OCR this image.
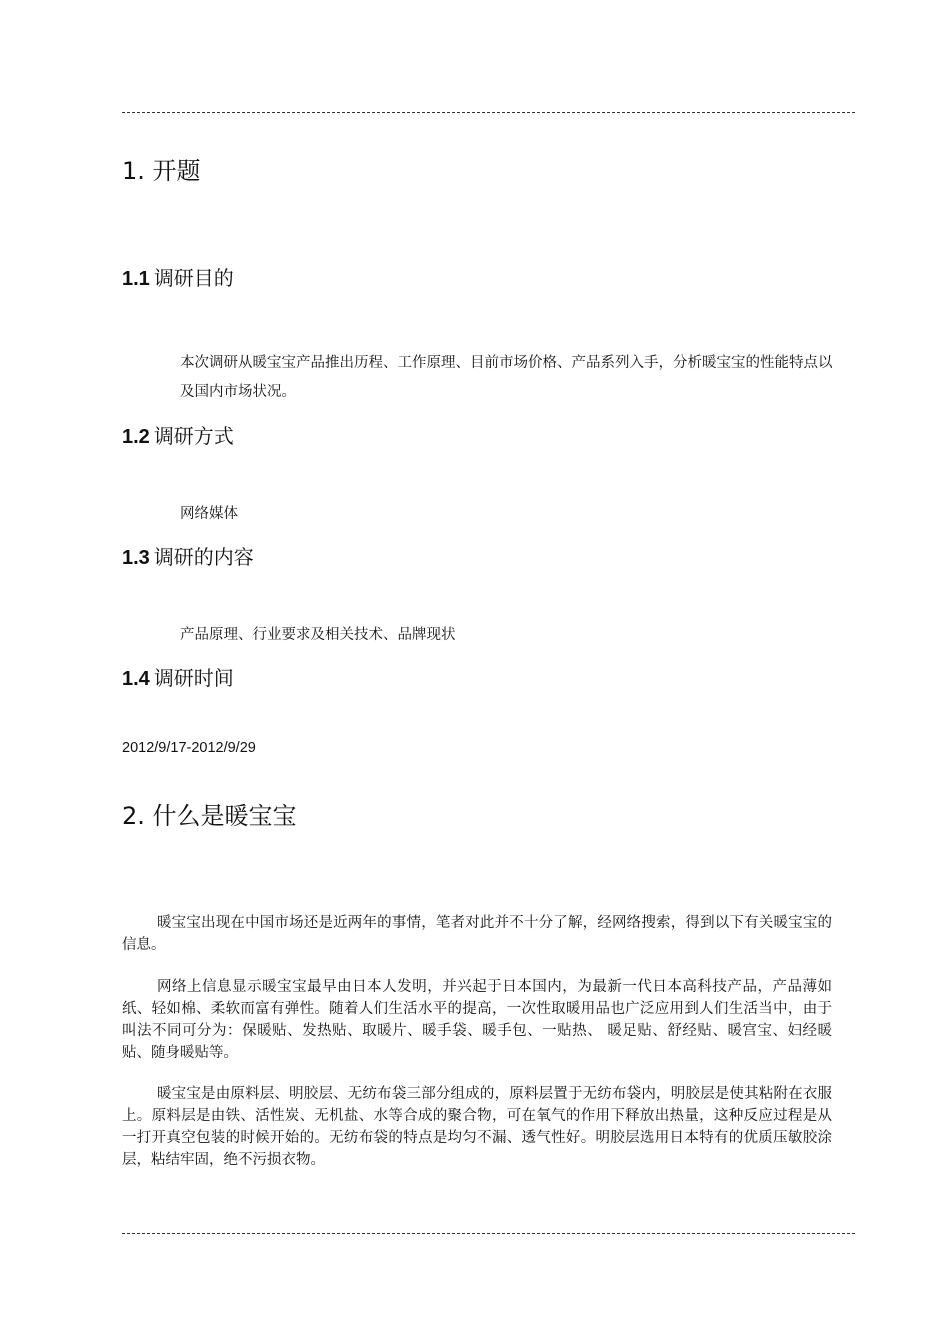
1. 开题
1.1 调研目的

本次调研从暖宝宝产品推出历程、工作原理、目前市场价格、产品系列入手，分析暖宝宝的性能特点以及国内市场状况。

1.2 调研方式

网络媒体

1.3 调研的内容

产品原理、行业要求及相关技术、品牌现状

1.4 调研时间

2012/9/17-2012/9/29

2. 什么是暖宝宝

暖宝宝出现在中国市场还是近两年的事情，笔者对此并不十分了解，经网络搜索，得到以下有关暖宝宝的信息。

网络上信息显示暖宝宝最早由日本人发明，并兴起于日本国内，为最新一代日本高科技产品，产品薄如纸、轻如棉、柔软而富有弹性。随着人们生活水平的提高，一次性取暖用品也广泛应用到人们生活当中，由于叫法不同可分为：保暖贴、发热贴、取暖片、暖手袋、暖手包、一贴热、 暖足贴、舒经贴、暖宫宝、妇经暖贴、随身暖贴等。

暖宝宝是由原料层、明胶层、无纺布袋三部分组成的，原料层置于无纺布袋内，明胶层是使其粘附在衣服上。原料层是由铁、活性炭、无机盐、水等合成的聚合物，可在氧气的作用下释放出热量，这种反应过程是从一打开真空包装的时候开始的。无纺布袋的特点是均匀不漏、透气性好。明胶层选用日本特有的优质压敏胶涂层，粘结牢固，绝不污损衣物。
